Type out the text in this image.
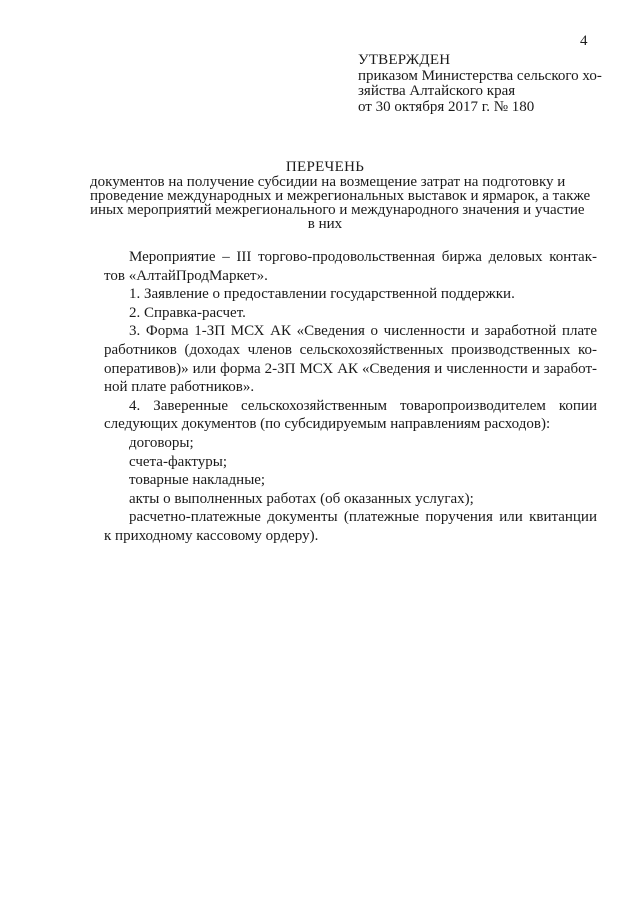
4
УТВЕРЖДЕН
приказом Министерства сельского хо-
зяйства Алтайского края
от 30 октября 2017 г. № 180
ПЕРЕЧЕНЬ
документов на получение субсидии на возмещение затрат на подготовку и
проведение международных и межрегиональных выставок и ярмарок, а также
иных мероприятий межрегионального и международного значения и участие
в них
Мероприятие – III торгово-продовольственная биржа деловых контак-
тов «АлтайПродМаркет».
1. Заявление о предоставлении государственной поддержки.
2. Справка-расчет.
3. Форма 1-ЗП МСХ АК «Сведения о численности и заработной плате
работников (доходах членов сельскохозяйственных производственных ко-
оперативов)» или форма 2-ЗП МСХ АК «Сведения и численности и заработ-
ной плате работников».
4. Заверенные сельскохозяйственным товаропроизводителем копии
следующих документов (по субсидируемым направлениям расходов):
договоры;
счета-фактуры;
товарные накладные;
акты о выполненных работах (об оказанных услугах);
расчетно-платежные документы (платежные поручения или квитанции
к приходному кассовому ордеру).
